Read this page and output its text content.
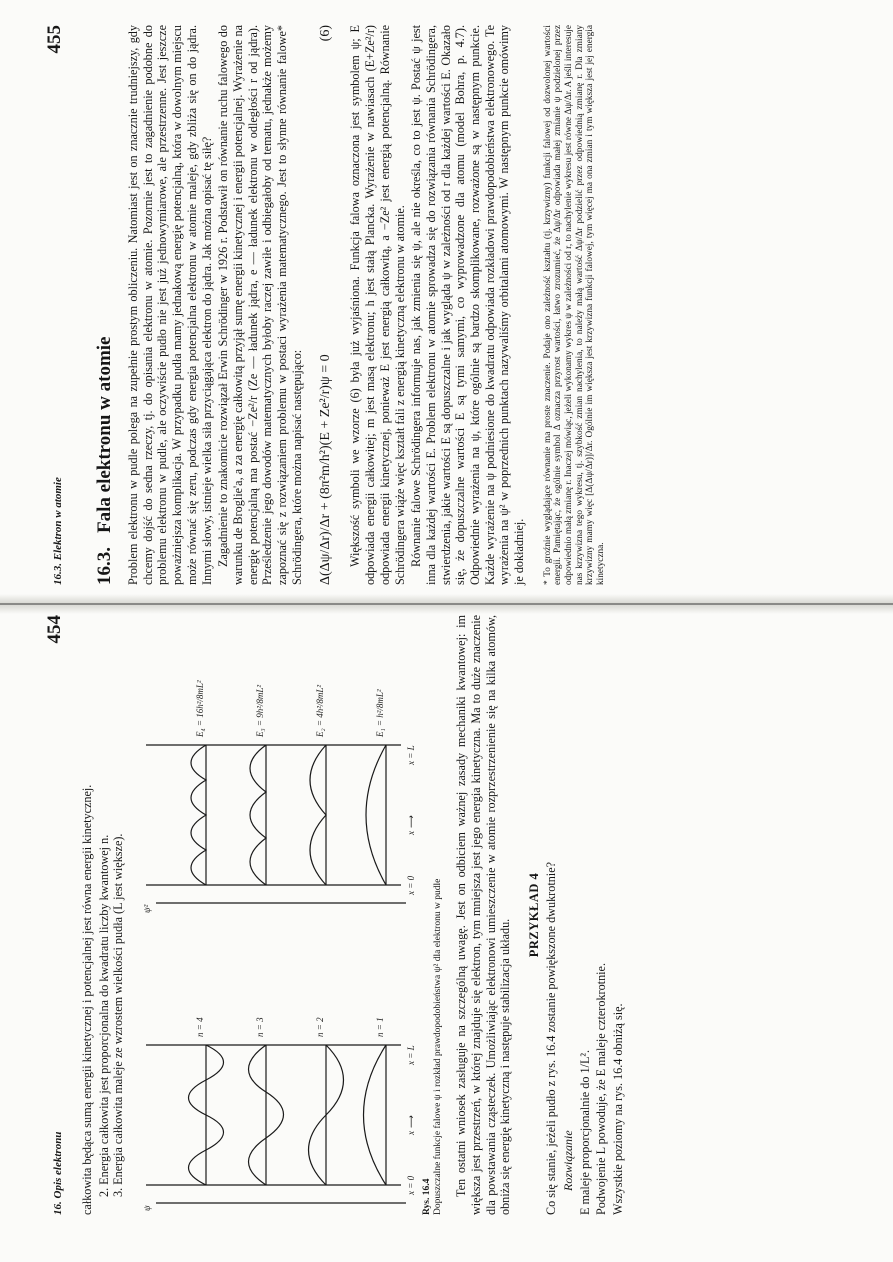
16.3. Elektron w atomie
455
16.3.Fala elektronu w atomie Problem elektronu w pudle polega na zupełnie prostym obliczeniu. Natomiast jest on znacznie trudniejszy, gdy chcemy dojść do sedna rzeczy, tj. do opisania elektronu w atomie. Pozornie jest to zagadnienie podobne do problemu elektronu w pudle, ale oczywiście pudło nie jest już jednowymiarowe, ale przestrzenne. Jest jeszcze poważniejsza komplikacja. W przypadku pudła mamy jednakową energię potencjalną, która w dowolnym miejscu może równać się zeru, podczas gdy energia potencjalna elektronu w atomie maleje, gdy zbliża się on do jądra. Innymi słowy, istnieje wielka siła przyciągająca elektron do jądra. Jak można opisać tę siłę? Zagadnienie to znakomicie rozwiązał Erwin Schrödinger w 1926 r. Podstawił on równanie ruchu falowego do warunku de Broglie'a, a za energię całkowitą przyjął sumę energii kinetycznej i energii potencjalnej. Wyrażenie na energię potencjalną ma postać −Ze²/r (Ze — ładunek jądra, e — ładunek elektronu w odległości r od jądra). Prześledzenie jego dowodów matematycznych byłoby raczej zawiłe i odbiegałoby od tematu, jednakże możemy zapoznać się z rozwiązaniem problemu w postaci wyrażenia matematycznego. Jest to słynne równanie falowe* Schrödingera, które można napisać następująco: Δ(Δψ/Δr)/Δr + (8π²m/h²)(E + Ze²/r)ψ = 0
(6) Większość symboli we wzorze (6) była już wyjaśniona. Funkcja falowa oznaczona jest symbolem ψ; E odpowiada energii całkowitej; m jest masą elektronu; h jest stałą Plancka. Wyrażenie w nawiasach (E+Ze²/r) odpowiada energii kinetycznej, ponieważ E jest energią całkowitą, a −Ze² jest energią potencjalną. Równanie Schrödingera wiąże więc kształt fali z energią kinetyczną elektronu w atomie. Równanie falowe Schrödingera informuje nas, jak zmienia się ψ, ale nie określa, co to jest ψ. Postać ψ jest inna dla każdej wartości E. Problem elektronu w atomie sprowadza się do rozwiązania równania Schrödingera, stwierdzenia, jakie wartości E są dopuszczalne i jak wygląda ψ w zależności od r dla każdej wartości E. Okazało się, że dopuszczalne wartości E są tymi samymi, co wyprowadzone dla atomu (model Bohra, p. 4.7). Odpowiednie wyrażenia na ψ, które ogólnie są bardzo skomplikowane, rozważone są w następnym punkcie. Każde wyrażenie na ψ podniesione do kwadratu odpowiada rozkładowi prawdopodobieństwa elektronowego. Te wyrażenia na ψ² w poprzednich punktach nazywaliśmy orbitalami atomowymi. W następnym punkcie omówimy je dokładniej. * To groźnie wyglądające równanie ma proste znaczenie. Podaje ono zależność kształtu (tj. krzywizny) funkcji falowej od dozwolonej wartości energii. Pamiętając, że ogólnie symbol Δ oznacza przyrost wartości, łatwo zrozumieć, że Δψ/Δr odpowiada małej zmianie ψ podzielonej przez odpowiednio małą zmianę r. Inaczej mówiąc, jeżeli wykonamy wykres ψ w zależności od r, to nachylenie wykresu jest równe Δψ/Δr. A jeśli interesuje nas krzywizna tego wykresu, tj. szybkość zmian nachylenia, to należy małą wartość Δψ/Δr podzielić przez odpowiednią zmianę r. Dla zmiany krzywizny mamy więc [Δ(Δψ/Δr)]/Δr. Ogólnie im większa jest krzywizna funkcji falowej, tym więcej ma ona zmian i tym większa jest jej energia kinetyczna.
16. Opis elektronu
454

całkowita będąca sumą energii kinetycznej i potencjalnej jest równa energii kinetycznej. 2. Energia całkowita jest proporcjonalna do kwadratu liczby kwantowej n. 3. Energia całkowita maleje ze wzrostem wielkości pudła (L jest większe).	n = 4	n = 3	n = 2	n = 1
E₄ = 16h²/8mL²	E₃ = 9h²/8mL²	E₂ = 4h²/8mL²	E₁ = h²/8mL²
ψ
ψ²
x = 0
x = L
x ⟶
x = 0
x = L
x ⟶
Rys. 16.4 Dopuszczalne funkcje falowe ψ i rozkład prawdopodobieństwa ψ² dla elektronu w pudle Ten ostatni wniosek zasługuje na szczególną uwagę. Jest on odbiciem ważnej zasady mechaniki kwantowej: im większa jest przestrzeń, w której znajduje się elektron, tym mniejsza jest jego energia kinetyczna. Ma to duże znaczenie dla powstawania cząsteczek. Umożliwiając elektronowi umieszczenie w atomie rozprzestrzenienie się na kilka atomów, obniża się energię kinetyczną i następuje stabilizacja układu.

PRZYKŁAD 4 Co się stanie, jeżeli pudło z rys. 16.4 zostanie powiększone dwukrotnie? Rozwiązanie E maleje proporcjonalnie do 1/L². Podwojenie L powoduje, że E maleje czterokrotnie. Wszystkie poziomy na rys. 16.4 obniżą się.
